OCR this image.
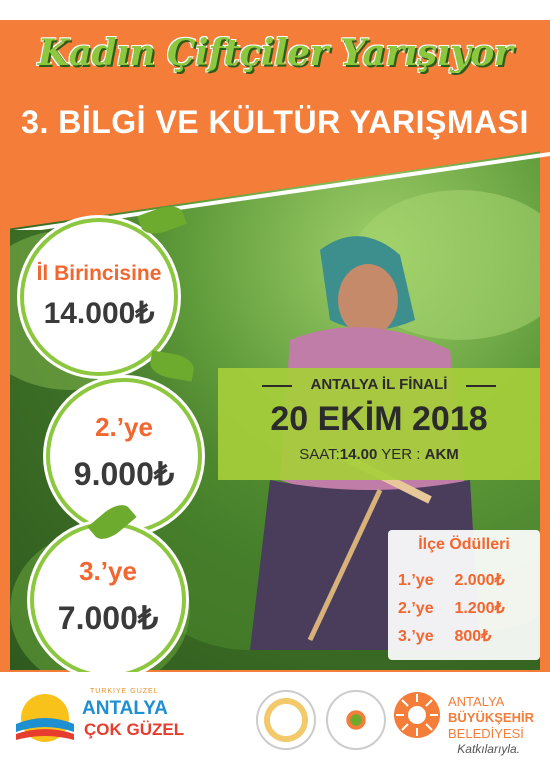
Kadın Çiftçiler Yarışıyor
3. BİLGİ VE KÜLTÜR YARIŞMASI
İl Birincisine
14.000₺
2.’ye
9.000₺
3.’ye
7.000₺
ANTALYA İL FİNALİ
20 EKİM 2018
SAAT:14.00 YER : AKM
İlçe Ödülleri
1.’ye 2.000₺
2.’ye 1.200₺
3.’ye 800₺
TURKIYE GUZEL
ANTALYA
ÇOK GÜZEL
ANTALYA
BÜYÜKŞEHİR
BELEDİYESİ
Katkılarıyla.
